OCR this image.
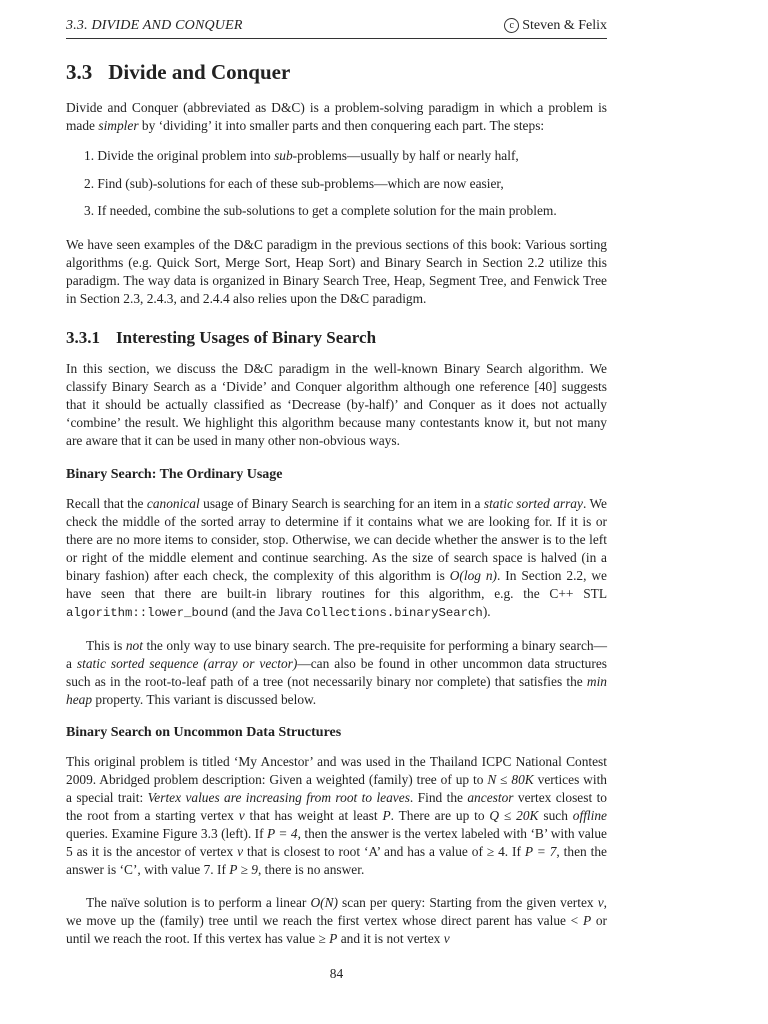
3.3. DIVIDE AND CONQUER	c Steven & Felix
3.3 Divide and Conquer

Divide and Conquer (abbreviated as D&C) is a problem-solving paradigm in which a problem is made simpler by ‘dividing’ it into smaller parts and then conquering each part. The steps:

1. Divide the original problem into sub-problems—usually by half or nearly half,
2. Find (sub)-solutions for each of these sub-problems—which are now easier,
3. If needed, combine the sub-solutions to get a complete solution for the main problem.

We have seen examples of the D&C paradigm in the previous sections of this book: Various sorting algorithms (e.g. Quick Sort, Merge Sort, Heap Sort) and Binary Search in Section 2.2 utilize this paradigm. The way data is organized in Binary Search Tree, Heap, Segment Tree, and Fenwick Tree in Section 2.3, 2.4.3, and 2.4.4 also relies upon the D&C paradigm.

3.3.1 Interesting Usages of Binary Search

In this section, we discuss the D&C paradigm in the well-known Binary Search algorithm. We classify Binary Search as a ‘Divide’ and Conquer algorithm although one reference [40] suggests that it should be actually classified as ‘Decrease (by-half)’ and Conquer as it does not actually ‘combine’ the result. We highlight this algorithm because many contestants know it, but not many are aware that it can be used in many other non-obvious ways.

Binary Search: The Ordinary Usage

Recall that the canonical usage of Binary Search is searching for an item in a static sorted array. We check the middle of the sorted array to determine if it contains what we are looking for. If it is or there are no more items to consider, stop. Otherwise, we can decide whether the answer is to the left or right of the middle element and continue searching. As the size of search space is halved (in a binary fashion) after each check, the complexity of this algorithm is O(log n). In Section 2.2, we have seen that there are built-in library routines for this algorithm, e.g. the C++ STL algorithm::lower_bound (and the Java Collections.binarySearch).

This is not the only way to use binary search. The pre-requisite for performing a binary search—a static sorted sequence (array or vector)—can also be found in other uncommon data structures such as in the root-to-leaf path of a tree (not necessarily binary nor complete) that satisfies the min heap property. This variant is discussed below.

Binary Search on Uncommon Data Structures

This original problem is titled ‘My Ancestor’ and was used in the Thailand ICPC National Contest 2009. Abridged problem description: Given a weighted (family) tree of up to N ≤ 80K vertices with a special trait: Vertex values are increasing from root to leaves. Find the ancestor vertex closest to the root from a starting vertex v that has weight at least P. There are up to Q ≤ 20K such offline queries. Examine Figure 3.3 (left). If P = 4, then the answer is the vertex labeled with ‘B’ with value 5 as it is the ancestor of vertex v that is closest to root ‘A’ and has a value of ≥ 4. If P = 7, then the answer is ‘C’, with value 7. If P ≥ 9, there is no answer.

The naïve solution is to perform a linear O(N) scan per query: Starting from the given vertex v, we move up the (family) tree until we reach the first vertex whose direct parent has value < P or until we reach the root. If this vertex has value ≥ P and it is not vertex v

84
